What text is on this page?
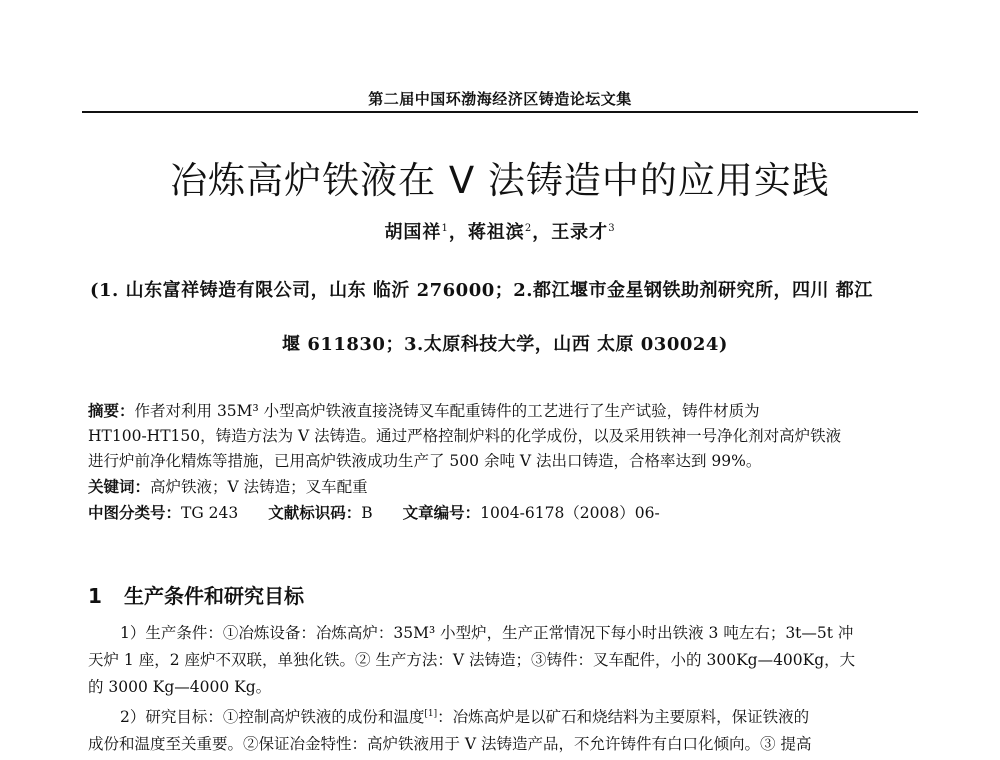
第二届中国环渤海经济区铸造论坛文集
冶炼高炉铁液在 V 法铸造中的应用实践
胡国祥$^1$，蒋祖滨$^2$，王录才$^3$
(1. 山东富祥铸造有限公司，山东 临沂 276000；2.都江堰市金星钢铁助剂研究所，四川 都江
堰 611830；3.太原科技大学，山西 太原 030024)

摘要：作者对利用 35M³ 小型高炉铁液直接浇铸叉车配重铸件的工艺进行了生产试验，铸件材质为

HT100-HT150，铸造方法为 V 法铸造。通过严格控制炉料的化学成份，以及采用铁神一号净化剂对高炉铁液

进行炉前净化精炼等措施，已用高炉铁液成功生产了 500 余吨 V 法出口铸造，合格率达到 99%。

关键词：高炉铁液；V 法铸造；叉车配重

中图分类号：TG 243 文献标识码：B 文章编号：1004-6178（2008）06-

1 生产条件和研究目标

1）生产条件：①冶炼设备：冶炼高炉：35M³ 小型炉，生产正常情况下每小时出铁液 3 吨左右；3t—5t 冲

天炉 1 座，2 座炉不双联，单独化铁。② 生产方法：V 法铸造；③铸件：叉车配件，小的 300Kg—400Kg，大

的 3000 Kg—4000 Kg。

2）研究目标：①控制高炉铁液的成份和温度[1]：冶炼高炉是以矿石和烧结料为主要原料，保证铁液的

成份和温度至关重要。②保证冶金特性：高炉铁液用于 V 法铸造产品，不允许铸件有白口化倾向。③ 提高
